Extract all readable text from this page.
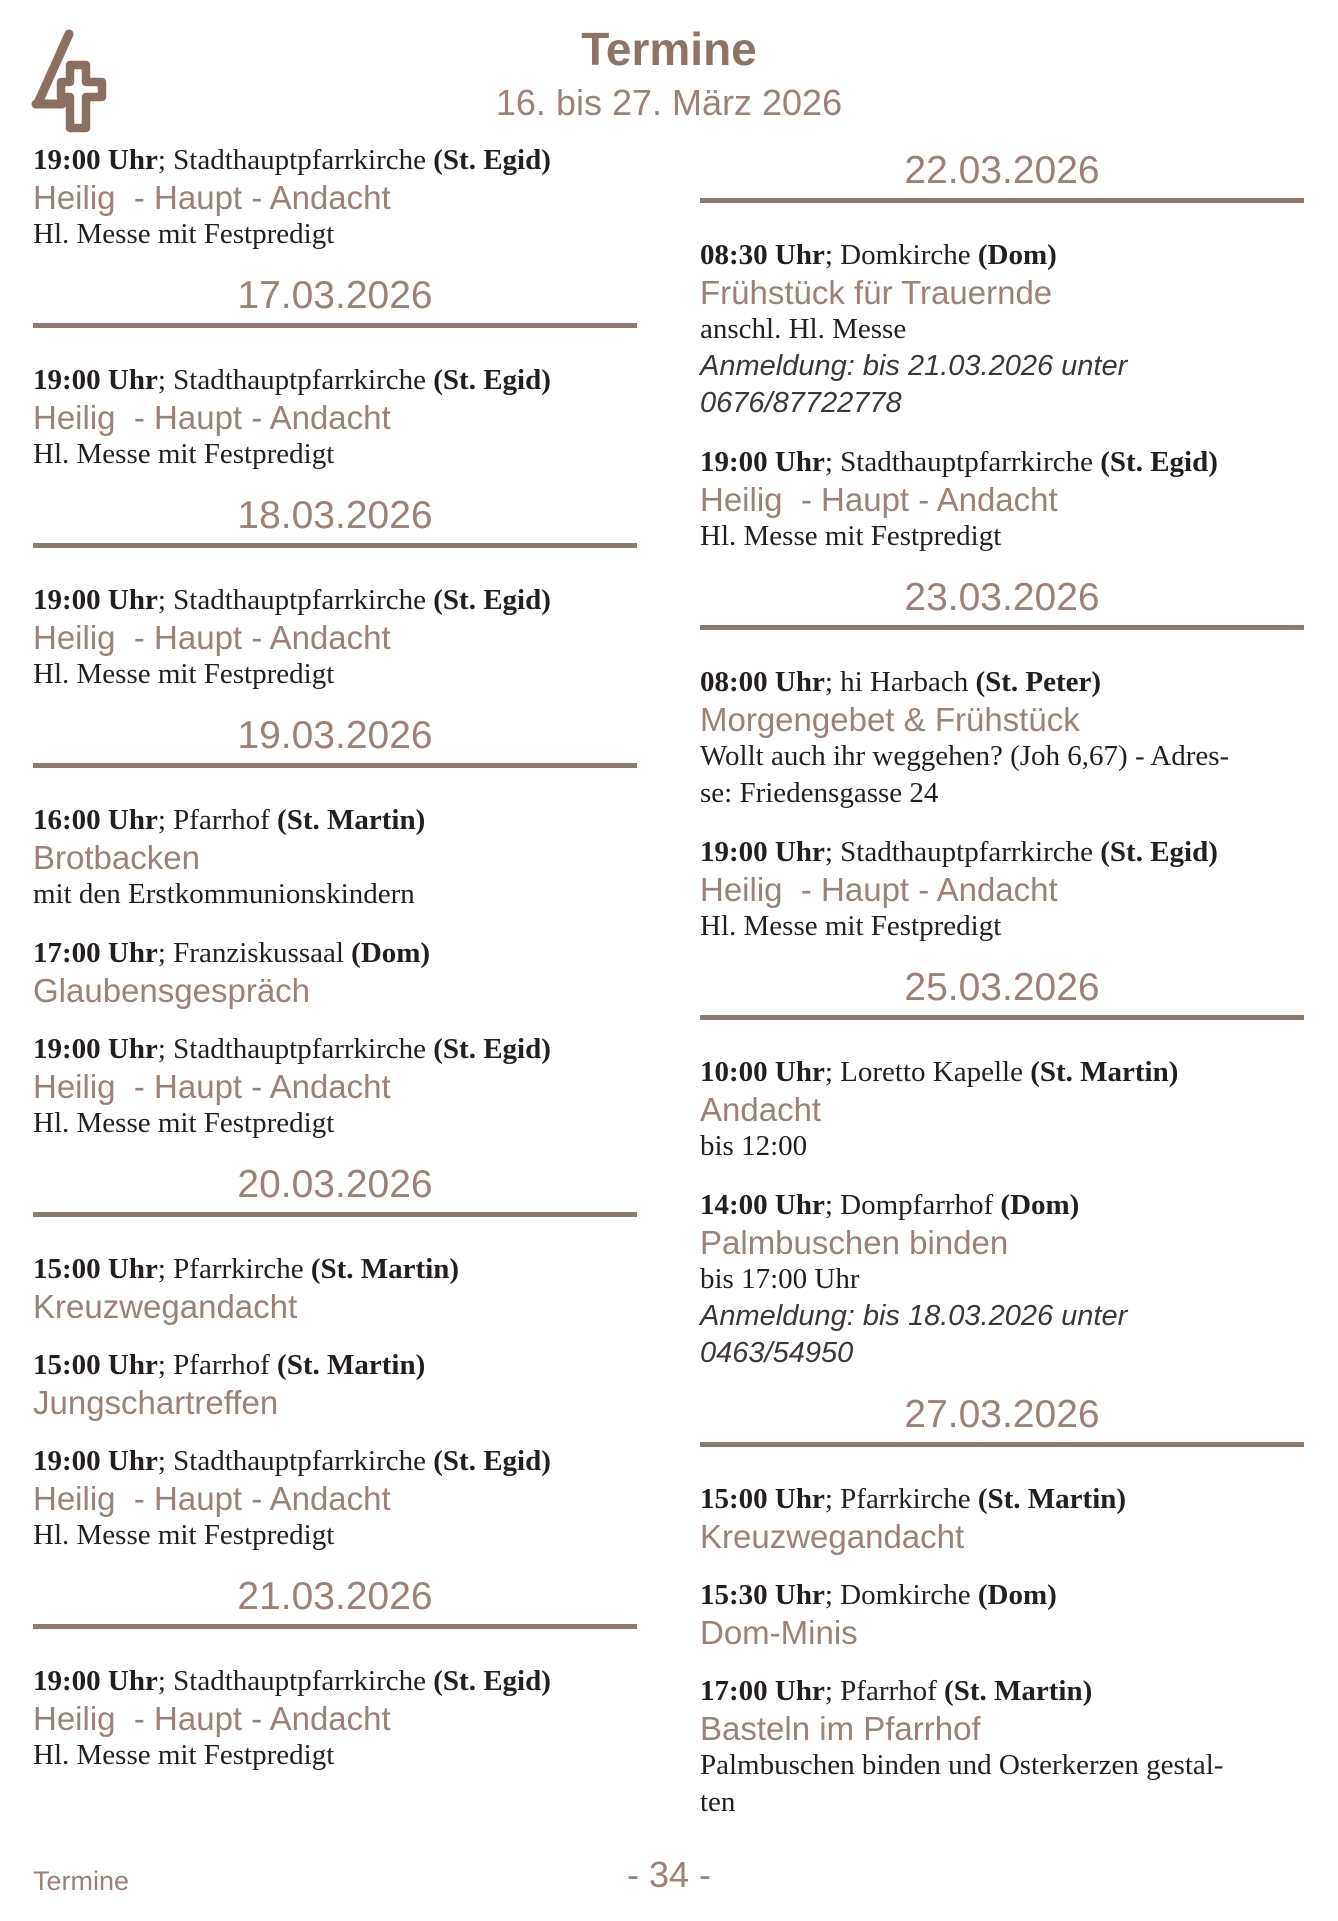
Termine
16. bis 27. März 2026
19:00 Uhr; Stadthauptpfarrkirche (St. Egid)
Heilig  - Haupt - Andacht
Hl. Messe mit Festpredigt
17.03.2026
19:00 Uhr; Stadthauptpfarrkirche (St. Egid)
Heilig  - Haupt - Andacht
Hl. Messe mit Festpredigt
18.03.2026
19:00 Uhr; Stadthauptpfarrkirche (St. Egid)
Heilig  - Haupt - Andacht
Hl. Messe mit Festpredigt
19.03.2026
16:00 Uhr; Pfarrhof (St. Martin)
Brotbacken
mit den Erstkommunionskindern
17:00 Uhr; Franziskussaal (Dom)
Glaubensgespräch
19:00 Uhr; Stadthauptpfarrkirche (St. Egid)
Heilig  - Haupt - Andacht
Hl. Messe mit Festpredigt
20.03.2026
15:00 Uhr; Pfarrkirche (St. Martin)
Kreuzwegandacht
15:00 Uhr; Pfarrhof (St. Martin)
Jungschartreffen
19:00 Uhr; Stadthauptpfarrkirche (St. Egid)
Heilig  - Haupt - Andacht
Hl. Messe mit Festpredigt
21.03.2026
19:00 Uhr; Stadthauptpfarrkirche (St. Egid)
Heilig  - Haupt - Andacht
Hl. Messe mit Festpredigt
22.03.2026
08:30 Uhr; Domkirche (Dom)
Frühstück für Trauernde
anschl. Hl. Messe
Anmeldung: bis 21.03.2026 unter
0676/87722778
19:00 Uhr; Stadthauptpfarrkirche (St. Egid)
Heilig  - Haupt - Andacht
Hl. Messe mit Festpredigt
23.03.2026
08:00 Uhr; hi Harbach (St. Peter)
Morgengebet & Frühstück
Wollt auch ihr weggehen? (Joh 6,67) - Adres-
se: Friedensgasse 24
19:00 Uhr; Stadthauptpfarrkirche (St. Egid)
Heilig  - Haupt - Andacht
Hl. Messe mit Festpredigt
25.03.2026
10:00 Uhr; Loretto Kapelle (St. Martin)
Andacht
bis 12:00
14:00 Uhr; Dompfarrhof (Dom)
Palmbuschen binden
bis 17:00 Uhr
Anmeldung: bis 18.03.2026 unter
0463/54950
27.03.2026
15:00 Uhr; Pfarrkirche (St. Martin)
Kreuzwegandacht
15:30 Uhr; Domkirche (Dom)
Dom-Minis
17:00 Uhr; Pfarrhof (St. Martin)
Basteln im Pfarrhof
Palmbuschen binden und Osterkerzen gestal-
ten
Termine	- 34 -
